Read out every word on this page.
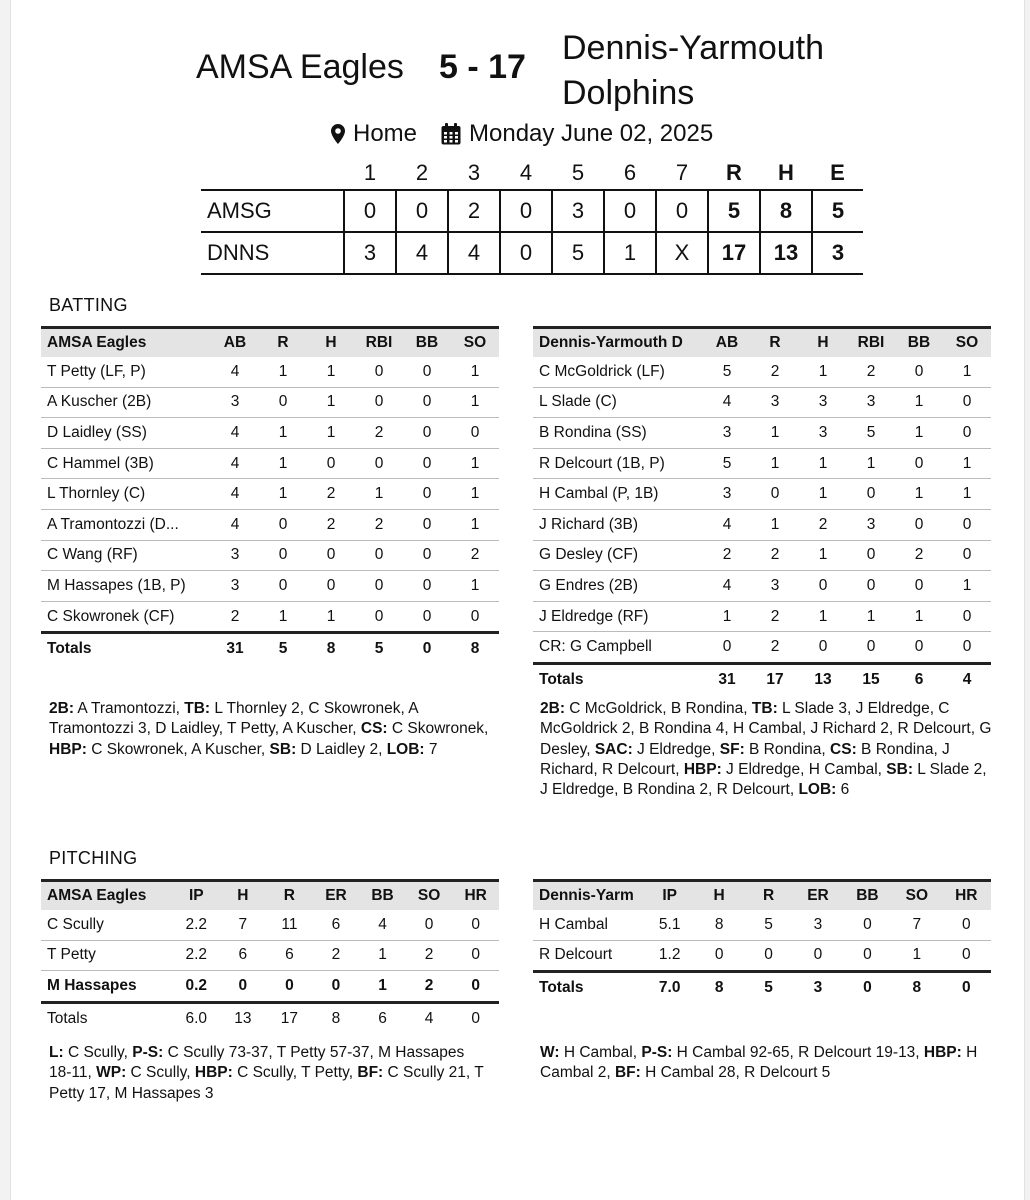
AMSA Eagles 5 - 17 Dennis-Yarmouth Dolphins
Home Monday June 02, 2025
	1	2	3	4	5	6	7	R	H	E
AMSG	0	0	2	0	3	0	0	5	8	5
DNNS	3	4	4	0	5	1	X	17	13	3
BATTING
AMSA Eagles	AB	R	H	RBI	BB	SO
T Petty (LF, P)	4	1	1	0	0	1
A Kuscher (2B)	3	0	1	0	0	1
D Laidley (SS)	4	1	1	2	0	0
C Hammel (3B)	4	1	0	0	0	1
L Thornley (C)	4	1	2	1	0	1
A Tramontozzi (D...	4	0	2	2	0	1
C Wang (RF)	3	0	0	0	0	2
M Hassapes (1B, P)	3	0	0	0	0	1
C Skowronek (CF)	2	1	1	0	0	0
Totals	31	5	8	5	0	8
Dennis-Yarmouth D	AB	R	H	RBI	BB	SO
C McGoldrick (LF)	5	2	1	2	0	1
L Slade (C)	4	3	3	3	1	0
B Rondina (SS)	3	1	3	5	1	0
R Delcourt (1B, P)	5	1	1	1	0	1
H Cambal (P, 1B)	3	0	1	0	1	1
J Richard (3B)	4	1	2	3	0	0
G Desley (CF)	2	2	1	0	2	0
G Endres (2B)	4	3	0	0	0	1
J Eldredge (RF)	1	2	1	1	1	0
CR: G Campbell	0	2	0	0	0	0
Totals	31	17	13	15	6	4
2B: A Tramontozzi, TB: L Thornley 2, C Skowronek, A Tramontozzi 3, D Laidley, T Petty, A Kuscher, CS: C Skowronek, HBP: C Skowronek, A Kuscher, SB: D Laidley 2, LOB: 7
2B: C McGoldrick, B Rondina, TB: L Slade 3, J Eldredge, C McGoldrick 2, B Rondina 4, H Cambal, J Richard 2, R Delcourt, G Desley, SAC: J Eldredge, SF: B Rondina, CS: B Rondina, J Richard, R Delcourt, HBP: J Eldredge, H Cambal, SB: L Slade 2, J Eldredge, B Rondina 2, R Delcourt, LOB: 6
PITCHING
AMSA Eagles	IP	H	R	ER	BB	SO	HR
C Scully	2.2	7	11	6	4	0	0
T Petty	2.2	6	6	2	1	2	0
M Hassapes	0.2	0	0	0	1	2	0
Totals	6.0	13	17	8	6	4	0
Dennis-Yarm	IP	H	R	ER	BB	SO	HR
H Cambal	5.1	8	5	3	0	7	0
R Delcourt	1.2	0	0	0	0	1	0
Totals	7.0	8	5	3	0	8	0
L: C Scully, P-S: C Scully 73-37, T Petty 57-37, M Hassapes 18-11, WP: C Scully, HBP: C Scully, T Petty, BF: C Scully 21, T Petty 17, M Hassapes 3
W: H Cambal, P-S: H Cambal 92-65, R Delcourt 19-13, HBP: H Cambal 2, BF: H Cambal 28, R Delcourt 5
